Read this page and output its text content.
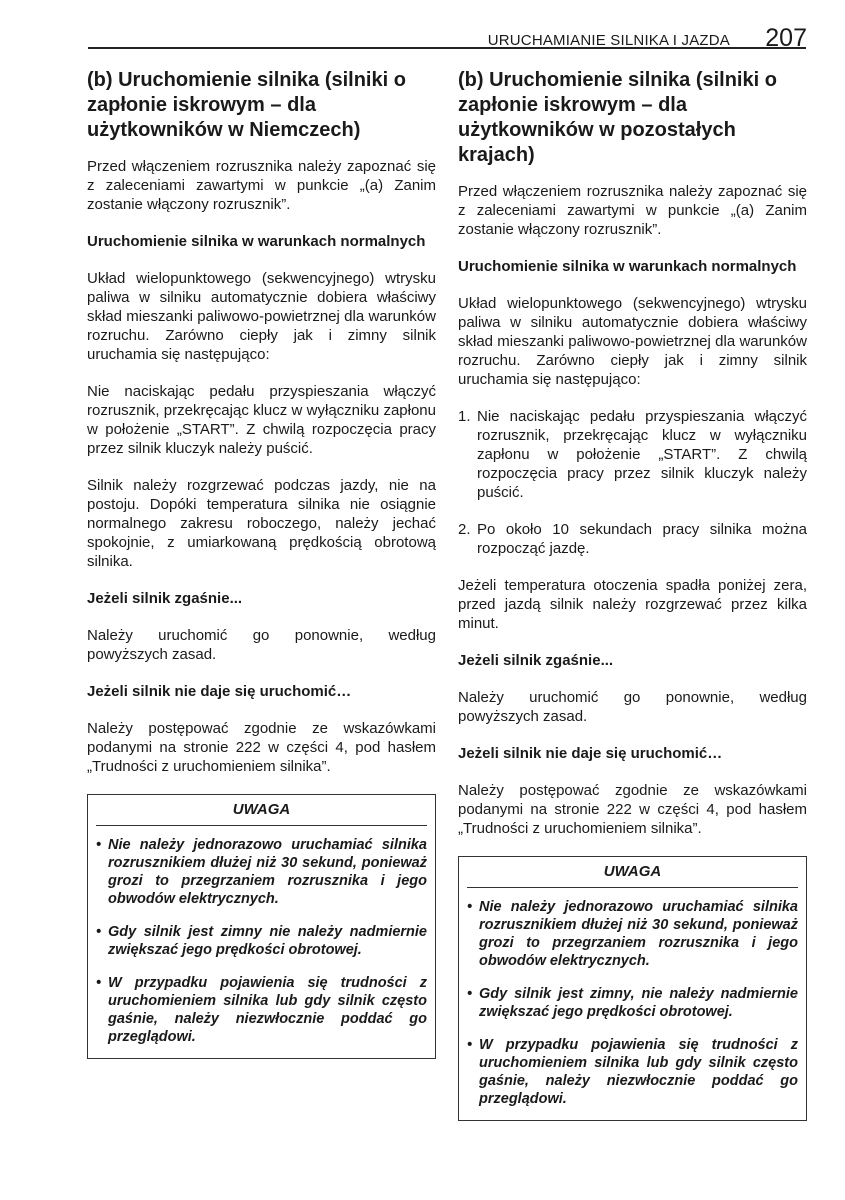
URUCHAMIANIE SILNIKA I JAZDA 207
(b) Uruchomienie silnika (silniki o zapłonie iskrowym – dla użytkowników w Niemczech)

Przed włączeniem rozrusznika należy zapoznać się z zaleceniami zawartymi w punkcie „(a) Zanim zostanie włączony rozrusznik”.

Uruchomienie silnika w warunkach normalnych

Układ wielopunktowego (sekwencyjnego) wtrysku paliwa w silniku automatycznie dobiera właściwy skład mieszanki paliwowo-powietrznej dla warunków rozruchu. Zarówno ciepły jak i zimny silnik uruchamia się następująco:

Nie naciskając pedału przyspieszania włączyć rozrusznik, przekręcając klucz w wyłączniku zapłonu w położenie „START”. Z chwilą rozpoczęcia pracy przez silnik kluczyk należy puścić.

Silnik należy rozgrzewać podczas jazdy, nie na postoju. Dopóki temperatura silnika nie osiągnie normalnego zakresu roboczego, należy jechać spokojnie, z umiarkowaną prędkością obrotową silnika.

Jeżeli silnik zgaśnie...

Należy uruchomić go ponownie, według powyższych zasad.

Jeżeli silnik nie daje się uruchomić…

Należy postępować zgodnie ze wskazówkami podanymi na stronie 222 w części 4, pod hasłem „Trudności z uruchomieniem silnika”.

UWAGA
• Nie należy jednorazowo uruchamiać silnika rozrusznikiem dłużej niż 30 sekund, ponieważ grozi to przegrzaniem rozrusznika i jego obwodów elektrycznych.
• Gdy silnik jest zimny nie należy nadmiernie zwiększać jego prędkości obrotowej.
• W przypadku pojawienia się trudności z uruchomieniem silnika lub gdy silnik często gaśnie, należy niezwłocznie poddać go przeglądowi.
(b) Uruchomienie silnika (silniki o zapłonie iskrowym – dla użytkowników w pozostałych krajach)

Przed włączeniem rozrusznika należy zapoznać się z zaleceniami zawartymi w punkcie „(a) Zanim zostanie włączony rozrusznik”.

Uruchomienie silnika w warunkach normalnych

Układ wielopunktowego (sekwencyjnego) wtrysku paliwa w silniku automatycznie dobiera właściwy skład mieszanki paliwowo-powietrznej dla warunków rozruchu. Zarówno ciepły jak i zimny silnik uruchamia się następująco:

1. Nie naciskając pedału przyspieszania włączyć rozrusznik, przekręcając klucz w wyłączniku zapłonu w położenie „START”. Z chwilą rozpoczęcia pracy przez silnik kluczyk należy puścić.
2. Po około 10 sekundach pracy silnika można rozpocząć jazdę.

Jeżeli temperatura otoczenia spadła poniżej zera, przed jazdą silnik należy rozgrzewać przez kilka minut.

Jeżeli silnik zgaśnie...

Należy uruchomić go ponownie, według powyższych zasad.

Jeżeli silnik nie daje się uruchomić…

Należy postępować zgodnie ze wskazówkami podanymi na stronie 222 w części 4, pod hasłem „Trudności z uruchomieniem silnika”.

UWAGA
• Nie należy jednorazowo uruchamiać silnika rozrusznikiem dłużej niż 30 sekund, ponieważ grozi to przegrzaniem rozrusznika i jego obwodów elektrycznych.
• Gdy silnik jest zimny, nie należy nadmiernie zwiększać jego prędkości obrotowej.
• W przypadku pojawienia się trudności z uruchomieniem silnika lub gdy silnik często gaśnie, należy niezwłocznie poddać go przeglądowi.
